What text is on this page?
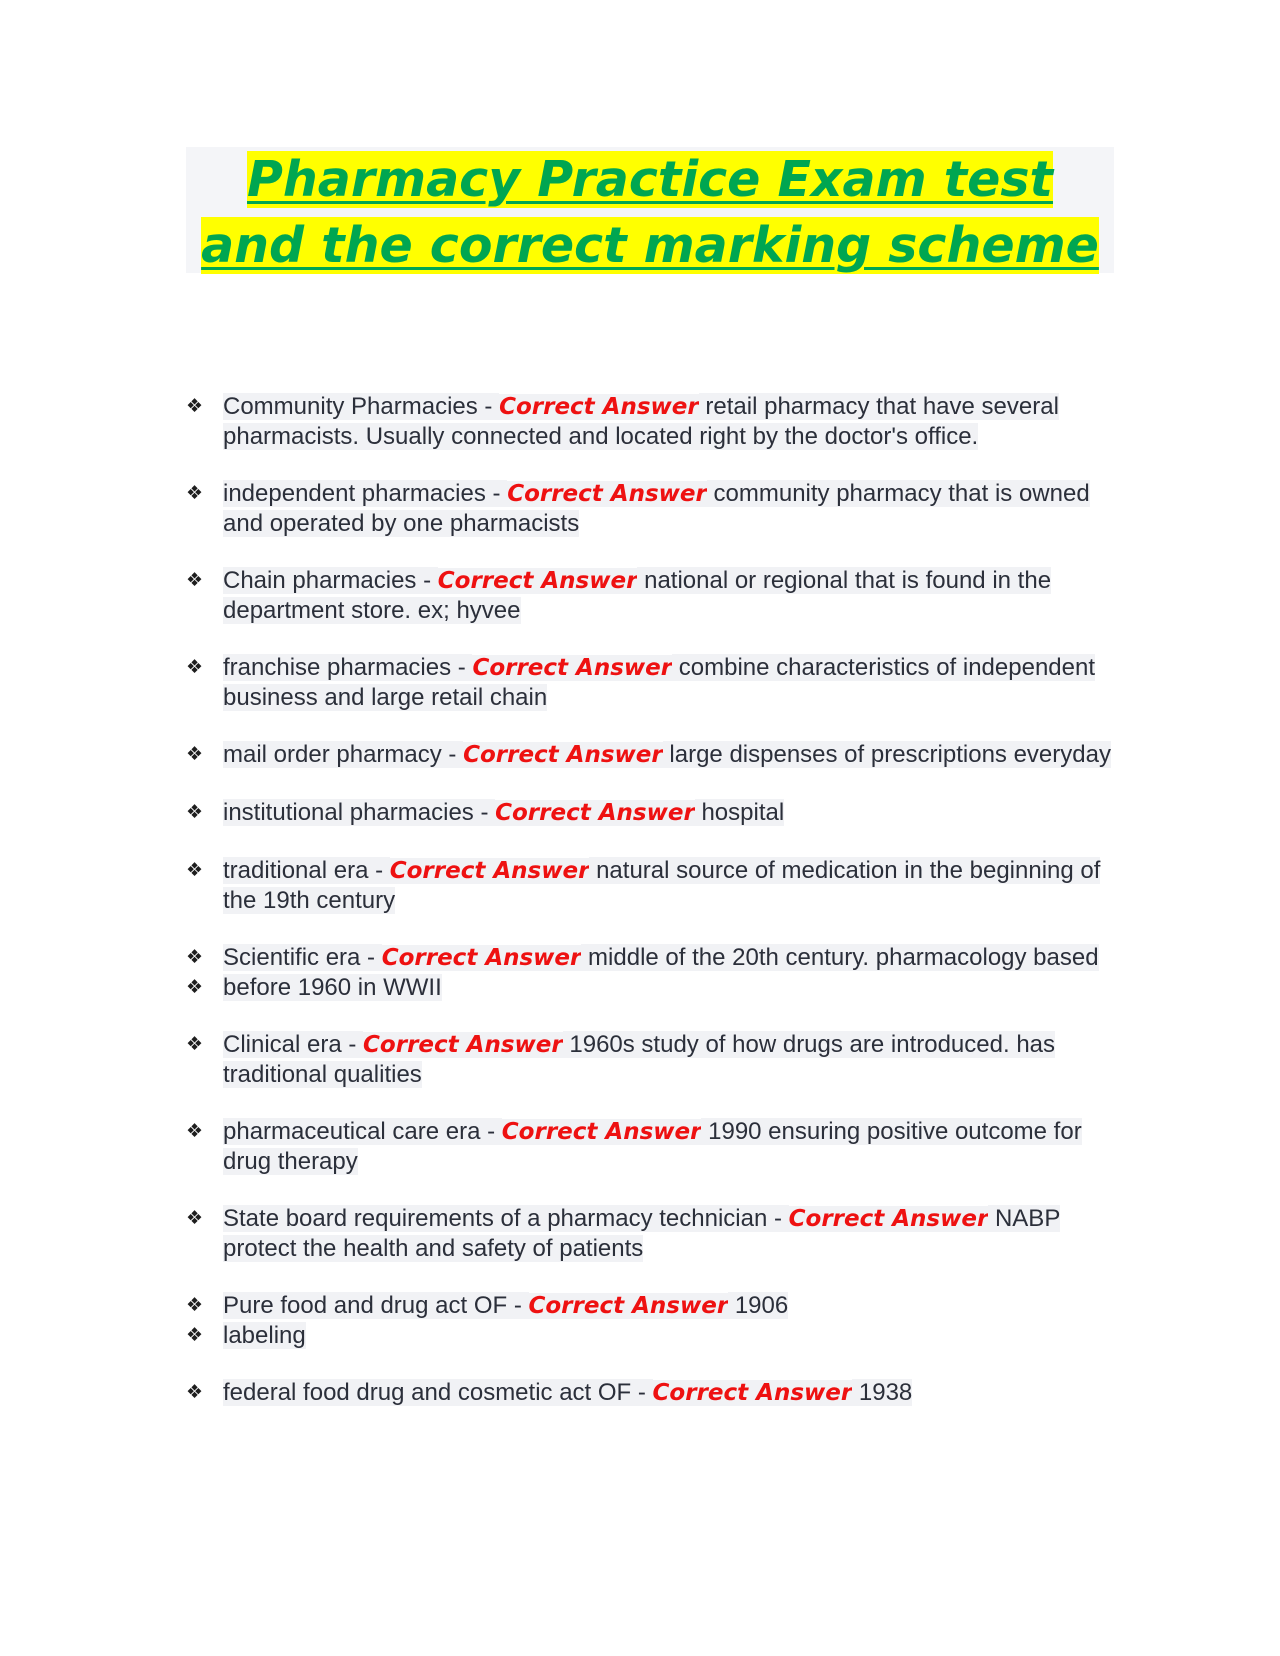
Pharmacy Practice Exam test
and the correct marking scheme
❖ Community Pharmacies - Correct Answer retail pharmacy that have several pharmacists. Usually connected and located right by the doctor's office.
❖ independent pharmacies - Correct Answer community pharmacy that is owned and operated by one pharmacists
❖ Chain pharmacies - Correct Answer national or regional that is found in the department store. ex; hyvee
❖ franchise pharmacies - Correct Answer combine characteristics of independent business and large retail chain
❖ mail order pharmacy - Correct Answer large dispenses of prescriptions everyday
❖ institutional pharmacies - Correct Answer hospital
❖ traditional era - Correct Answer natural source of medication in the beginning of the 19th century
❖ Scientific era - Correct Answer middle of the 20th century. pharmacology based
❖ before 1960 in WWII
❖ Clinical era - Correct Answer 1960s study of how drugs are introduced. has traditional qualities
❖ pharmaceutical care era - Correct Answer 1990 ensuring positive outcome for drug therapy
❖ State board requirements of a pharmacy technician - Correct Answer NABP protect the health and safety of patients
❖ Pure food and drug act OF - Correct Answer 1906
❖ labeling
❖ federal food drug and cosmetic act OF - Correct Answer 1938
